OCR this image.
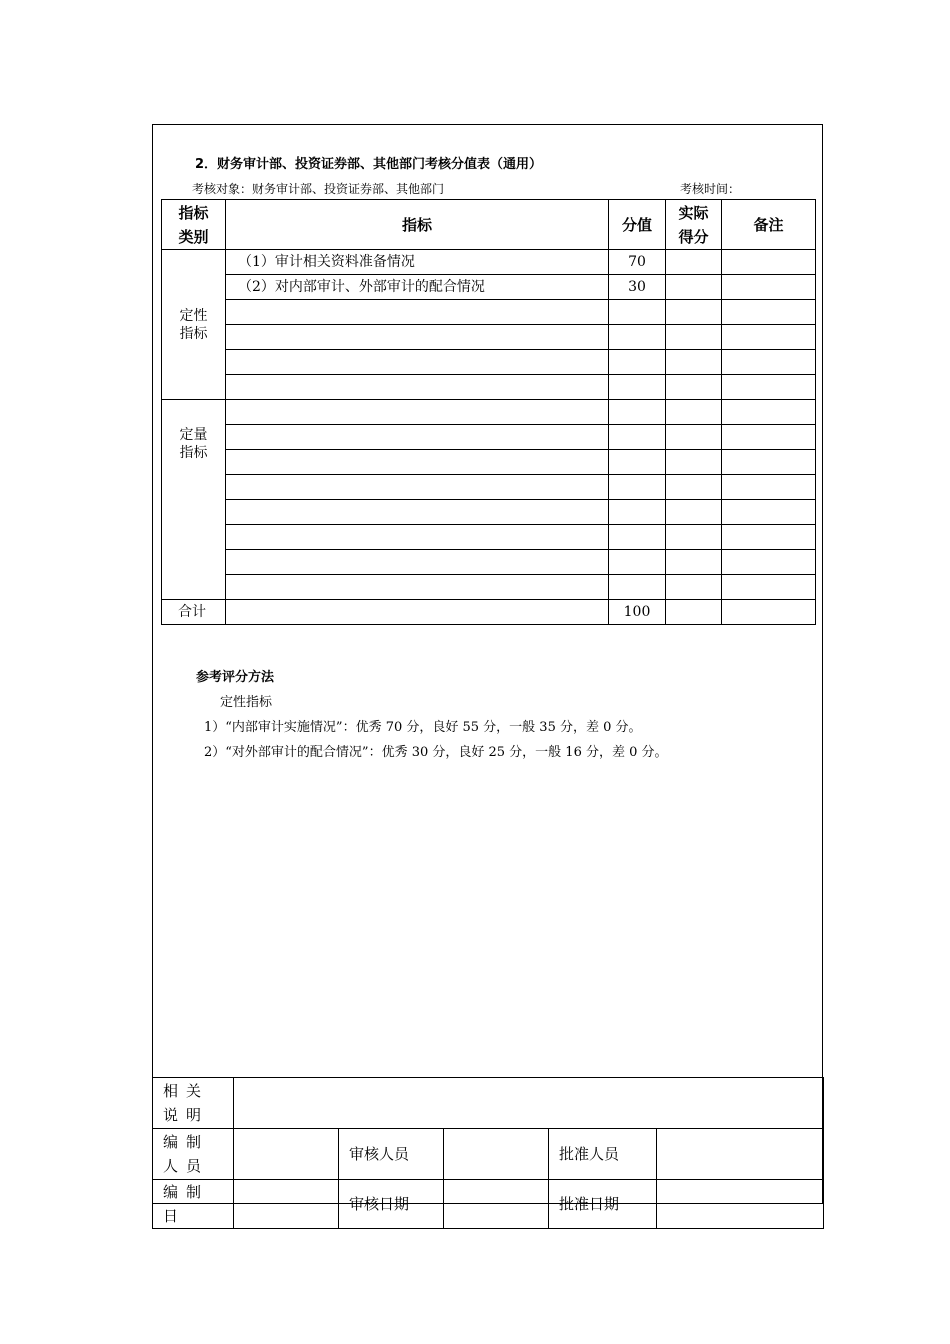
2．财务审计部、投资证券部、其他部门考核分值表（通用）
考核对象：财务审计部、投资证券部、其他部门	考核时间：
指标类别	指标	分值	实际得分	备注
定性指标	（1）审计相关资料准备情况	70		
	（2）对内部审计、外部审计的配合情况	30		

定量指标				

合计		100		
参考评分方法
定性指标
1）“内部审计实施情况”：优秀 70 分，良好 55 分，一般 35 分，差 0 分。
2）“对外部审计的配合情况”：优秀 30 分，良好 25 分，一般 16 分，差 0 分。
相关说明					
编制人员		审核人员		批准人员	
编制日		审核日期		批准日期	
